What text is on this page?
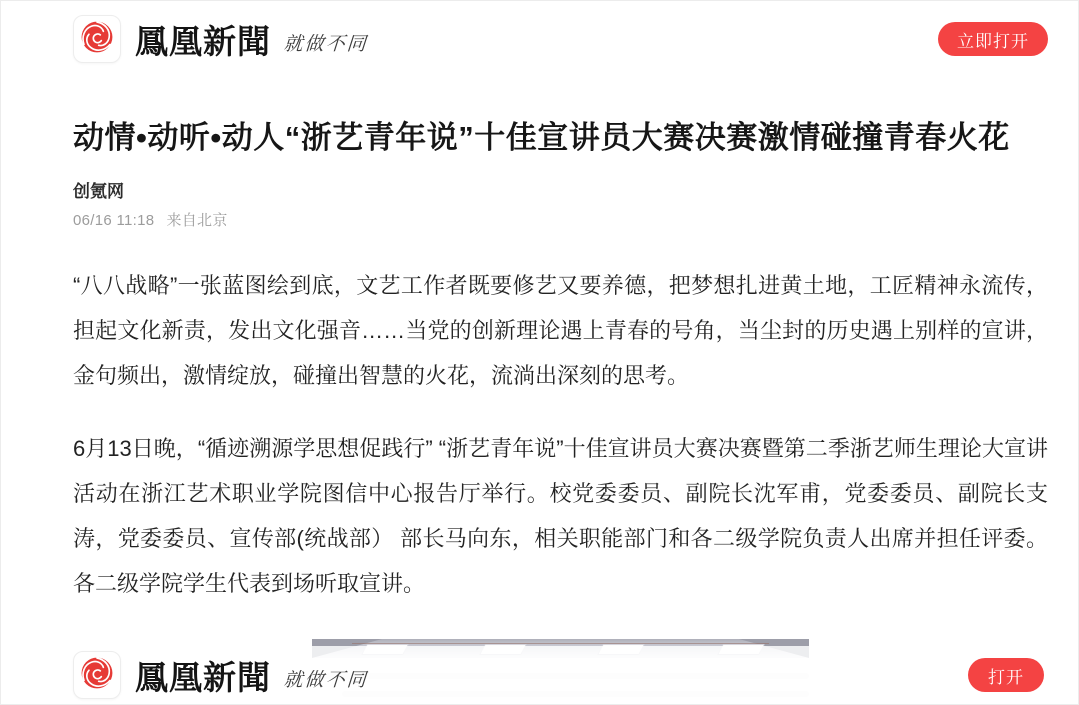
鳳凰新聞 就做不同	立即打开
动情•动听•动人“浙艺青年说”十佳宣讲员大赛决赛激情碰撞青春火花
创氪网
06/16 11:18 来自北京

“八八战略”一张蓝图绘到底，文艺工作者既要修艺又要养德，把梦想扎进黄土地，工匠精神永流传，担起文化新责，发出文化强音……当党的创新理论遇上青春的号角，当尘封的历史遇上别样的宣讲，金句频出，激情绽放，碰撞出智慧的火花，流淌出深刻的思考。

6月13日晚，“循迹溯源学思想促践行” “浙艺青年说”十佳宣讲员大赛决赛暨第二季浙艺师生理论大宣讲活动在浙江艺术职业学院图信中心报告厅举行。校党委委员、副院长沈军甫，党委委员、副院长支涛，党委委员、宣传部(统战部） 部长马向东，相关职能部门和各二级学院负责人出席并担任评委。各二级学院学生代表到场听取宣讲。

鳳凰新聞 就做不同	打开
